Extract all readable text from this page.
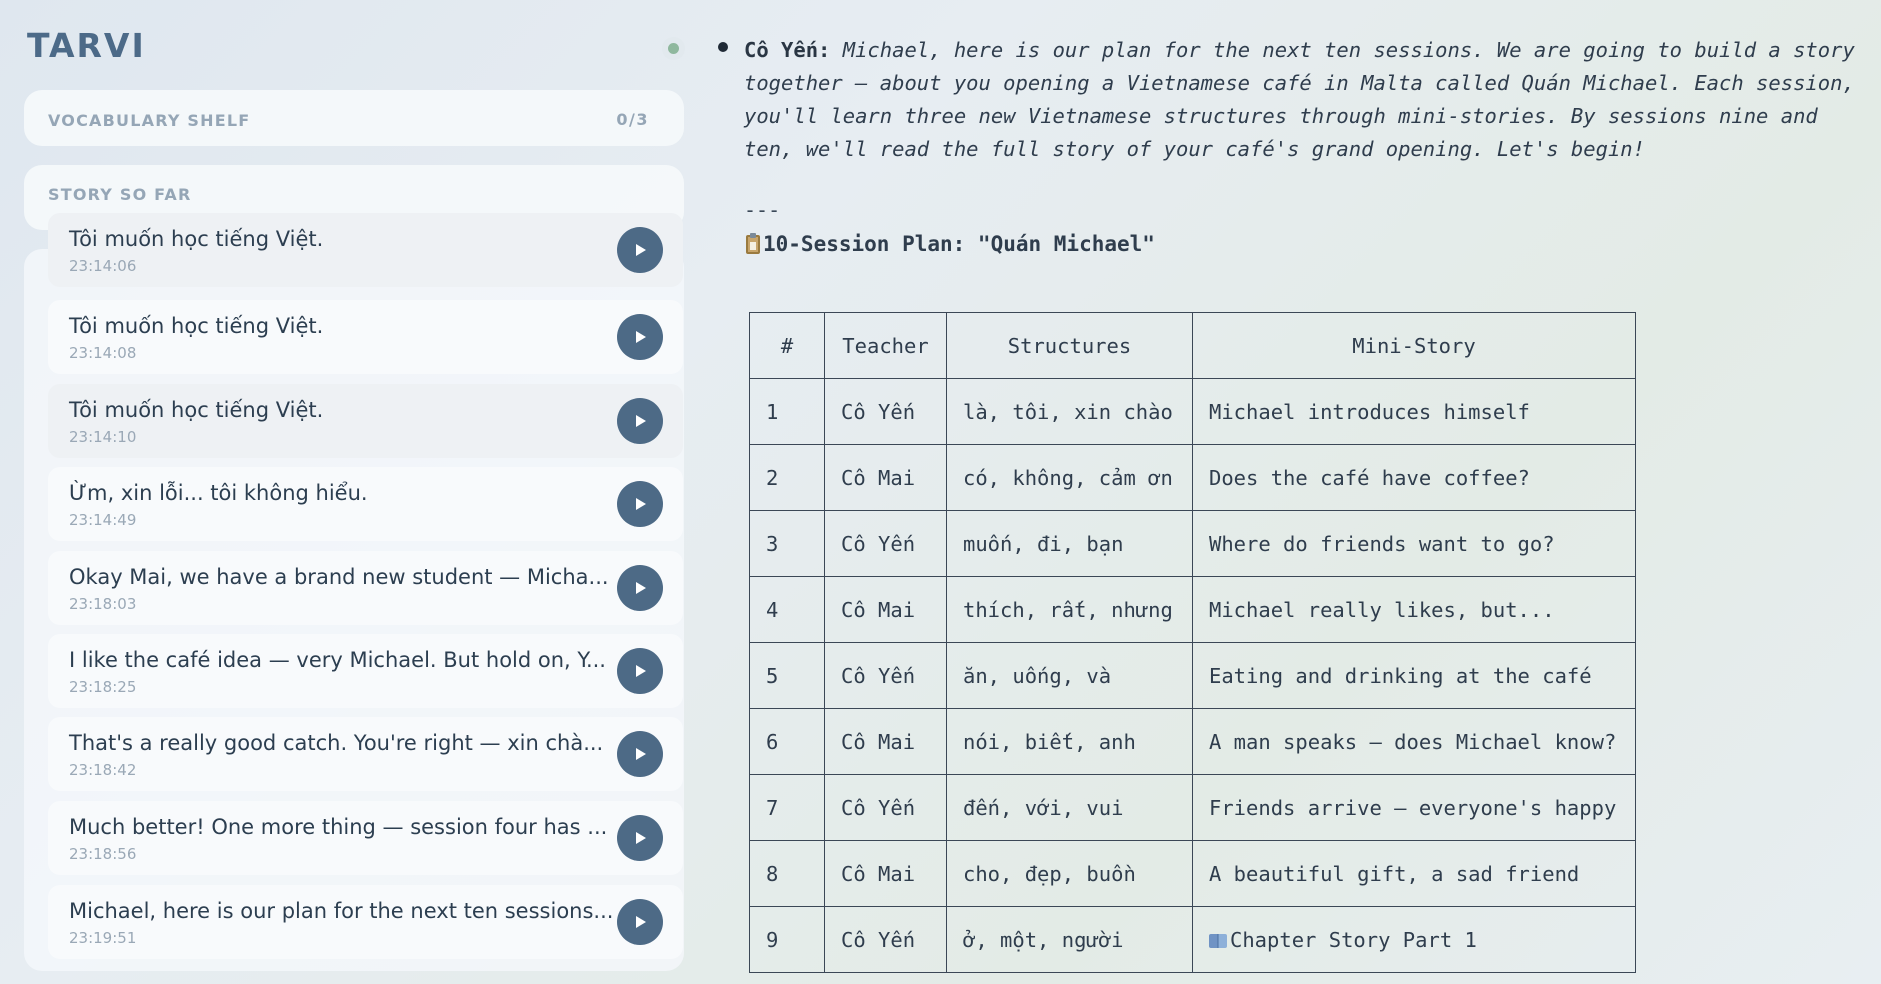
TARVI
VOCABULARY SHELF	0/3
STORY SO FAR
Tôi muốn học tiếng Việt.
23:14:06
Tôi muốn học tiếng Việt.
23:14:08
Tôi muốn học tiếng Việt.
23:14:10
Ừm, xin lỗi... tôi không hiểu.
23:14:49
Okay Mai, we have a brand new student — Micha...
23:18:03
I like the café idea — very Michael. But hold on, Y...
23:18:25
That's a really good catch. You're right — xin chà...
23:18:42
Much better! One more thing — session four has ...
23:18:56
Michael, here is our plan for the next ten sessions...
23:19:51

Cô Yến: Michael, here is our plan for the next ten sessions. We are going to build a story together — about you opening a Vietnamese café in Malta called Quán Michael. Each session, you'll learn three new Vietnamese structures through mini-stories. By sessions nine and ten, we'll read the full story of your café's grand opening. Let's begin!

---
10-Session Plan: "Quán Michael"
#	Teacher	Structures	Mini-Story
1	Cô Yến	là, tôi, xin chào	Michael introduces himself
2	Cô Mai	có, không, cảm ơn	Does the café have coffee?
3	Cô Yến	muốn, đi, bạn	Where do friends want to go?
4	Cô Mai	thích, rất, nhưng	Michael really likes, but...
5	Cô Yến	ăn, uống, và	Eating and drinking at the café
6	Cô Mai	nói, biết, anh	A man speaks — does Michael know?
7	Cô Yến	đến, với, vui	Friends arrive — everyone's happy
8	Cô Mai	cho, đẹp, buồn	A beautiful gift, a sad friend
9	Cô Yến	ở, một, người	Chapter Story Part 1
